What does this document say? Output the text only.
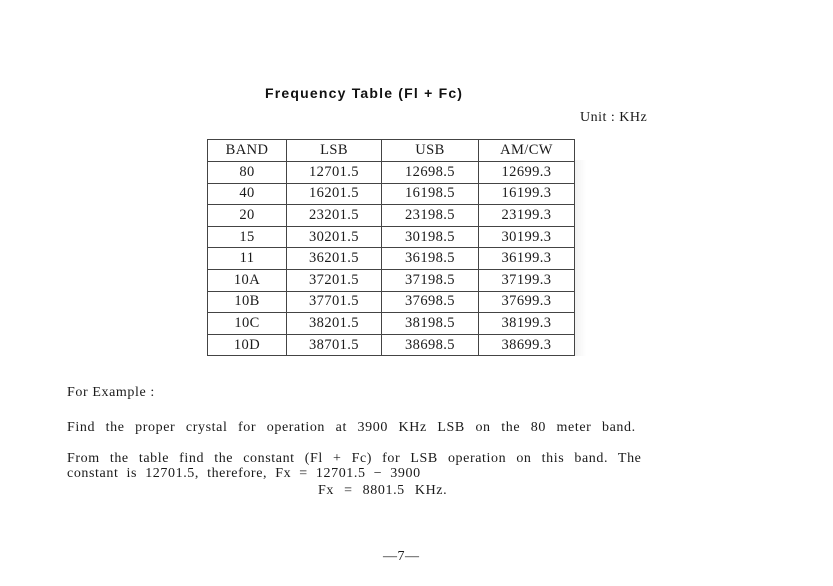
Frequency Table (Fl + Fc)
Unit : KHz
BAND	LSB	USB	AM/CW
80	12701.5	12698.5	12699.3
40	16201.5	16198.5	16199.3
20	23201.5	23198.5	23199.3
15	30201.5	30198.5	30199.3
11	36201.5	36198.5	36199.3
10A	37201.5	37198.5	37199.3
10B	37701.5	37698.5	37699.3
10C	38201.5	38198.5	38199.3
10D	38701.5	38698.5	38699.3
For Example :
Find the proper crystal for operation at 3900 KHz LSB on the 80 meter band.
From the table find the constant (Fl + Fc) for LSB operation on this band. The
constant is 12701.5, therefore, Fx = 12701.5 − 3900
Fx = 8801.5 KHz.
—7—
